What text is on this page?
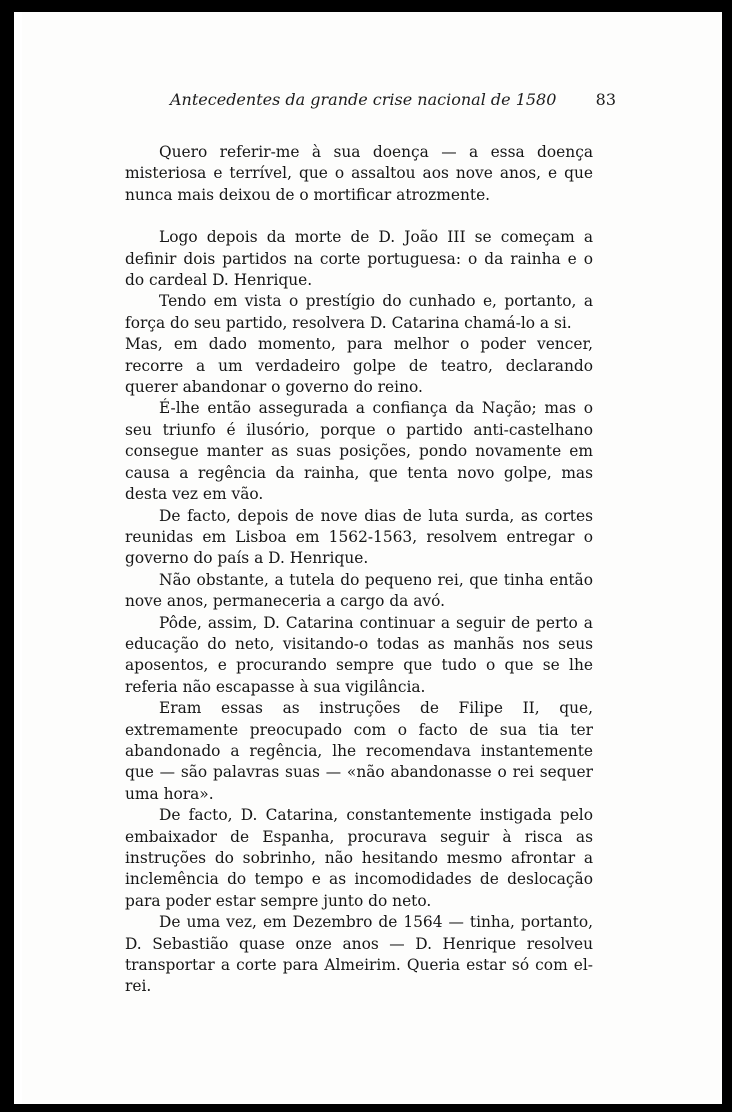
Antecedentes da grande crise nacional de 1580 83

Quero referir-me à sua doença — a essa doença misteriosa e terrível, que o assaltou aos nove anos, e que nunca mais deixou de o mortificar atrozmente.

Logo depois da morte de D. João III se começam a definir dois partidos na corte portuguesa: o da rainha e o do cardeal D. Henrique.

Tendo em vista o prestígio do cunhado e, portanto, a força do seu partido, resolvera D. Catarina chamá-lo a si.

Mas, em dado momento, para melhor o poder vencer, recorre a um verdadeiro golpe de teatro, declarando querer abandonar o governo do reino.

É-lhe então assegurada a confiança da Nação; mas o seu triunfo é ilusório, porque o partido anti-castelhano consegue manter as suas posições, pondo novamente em causa a regência da rainha, que tenta novo golpe, mas desta vez em vão.

De facto, depois de nove dias de luta surda, as cortes reunidas em Lisboa em 1562-1563, resolvem entregar o governo do país a D. Henrique.

Não obstante, a tutela do pequeno rei, que tinha então nove anos, permaneceria a cargo da avó.

Pôde, assim, D. Catarina continuar a seguir de perto a educação do neto, visitando-o todas as manhãs nos seus aposentos, e procurando sempre que tudo o que se lhe referia não escapasse à sua vigilância.

Eram essas as instruções de Filipe II, que, extremamente preocupado com o facto de sua tia ter abandonado a regência, lhe recomendava instantemente que — são palavras suas — «não abandonasse o rei sequer uma hora».

De facto, D. Catarina, constantemente instigada pelo embaixador de Espanha, procurava seguir à risca as instruções do sobrinho, não hesitando mesmo afrontar a inclemência do tempo e as incomodidades de deslocação para poder estar sempre junto do neto.

De uma vez, em Dezembro de 1564 — tinha, portanto, D. Sebastião quase onze anos — D. Henrique resolveu transportar a corte para Almeirim. Queria estar só com el-rei.
